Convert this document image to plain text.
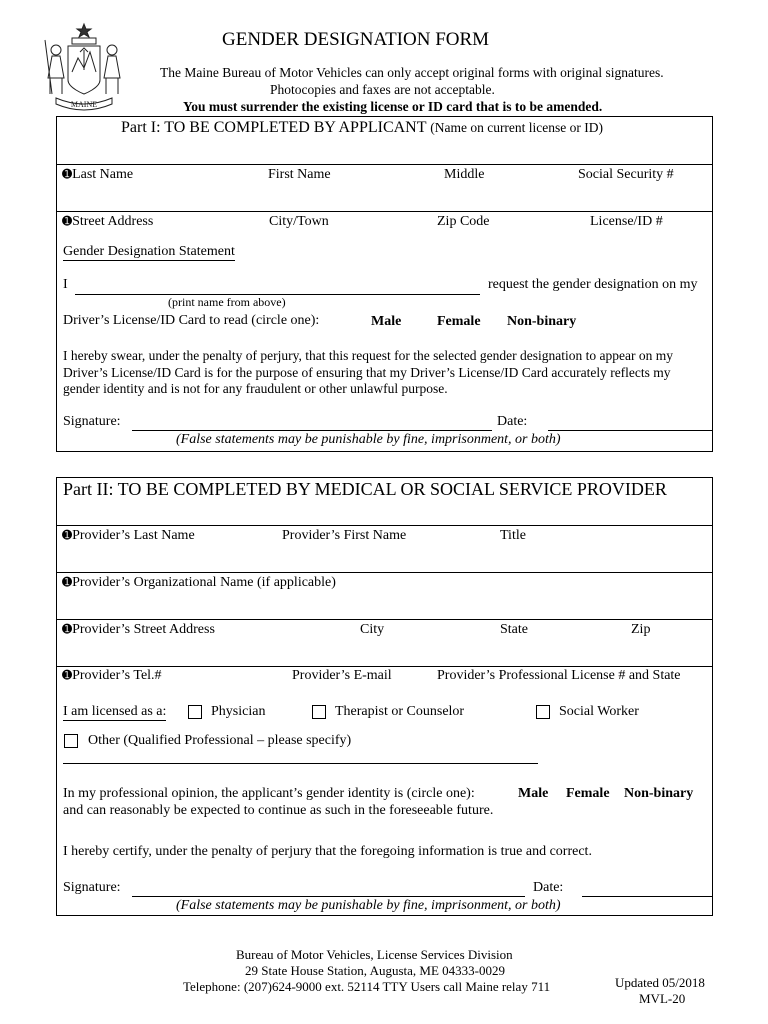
MAINE
GENDER DESIGNATION FORM
The Maine Bureau of Motor Vehicles can only accept original forms with original signatures.
Photocopies and faxes are not acceptable.
You must surrender the existing license or ID card that is to be amended.
Part I: TO BE COMPLETED BY APPLICANT (Name on current license or ID)
➊Last Name	First Name	Middle	Social Security #
➊Street Address	City/Town	Zip Code	License/ID #
Gender Designation Statement
I	request the gender designation on my
(print name from above)
Driver’s License/ID Card to read (circle one):	Male	Female Non-binary
I hereby swear, under the penalty of perjury, that this request for the selected gender designation to appear on my Driver’s License/ID Card is for the purpose of ensuring that my Driver’s License/ID Card accurately reflects my gender identity and is not for any fraudulent or other unlawful purpose.
Signature:	Date:
(False statements may be punishable by fine, imprisonment, or both)
Part II: TO BE COMPLETED BY MEDICAL OR SOCIAL SERVICE PROVIDER
➊Provider’s Last Name	Provider’s First Name	Title
➊Provider’s Organizational Name (if applicable)
➊Provider’s Street Address	City	State	Zip
➊Provider’s Tel.#	Provider’s E-mail	Provider’s Professional License # and State
I am licensed as a:	Physician	Therapist or Counselor	Social Worker
Other (Qualified Professional – please specify)
In my professional opinion, the applicant’s gender identity is (circle one):	Male Female Non-binary
and can reasonably be expected to continue as such in the foreseeable future.
I hereby certify, under the penalty of perjury that the foregoing information is true and correct.
Signature:	Date:
(False statements may be punishable by fine, imprisonment, or both)
Bureau of Motor Vehicles, License Services Division
29 State House Station, Augusta, ME 04333-0029
Telephone: (207)624-9000 ext. 52114 TTY Users call Maine relay 711	Updated 05/2018
MVL-20
